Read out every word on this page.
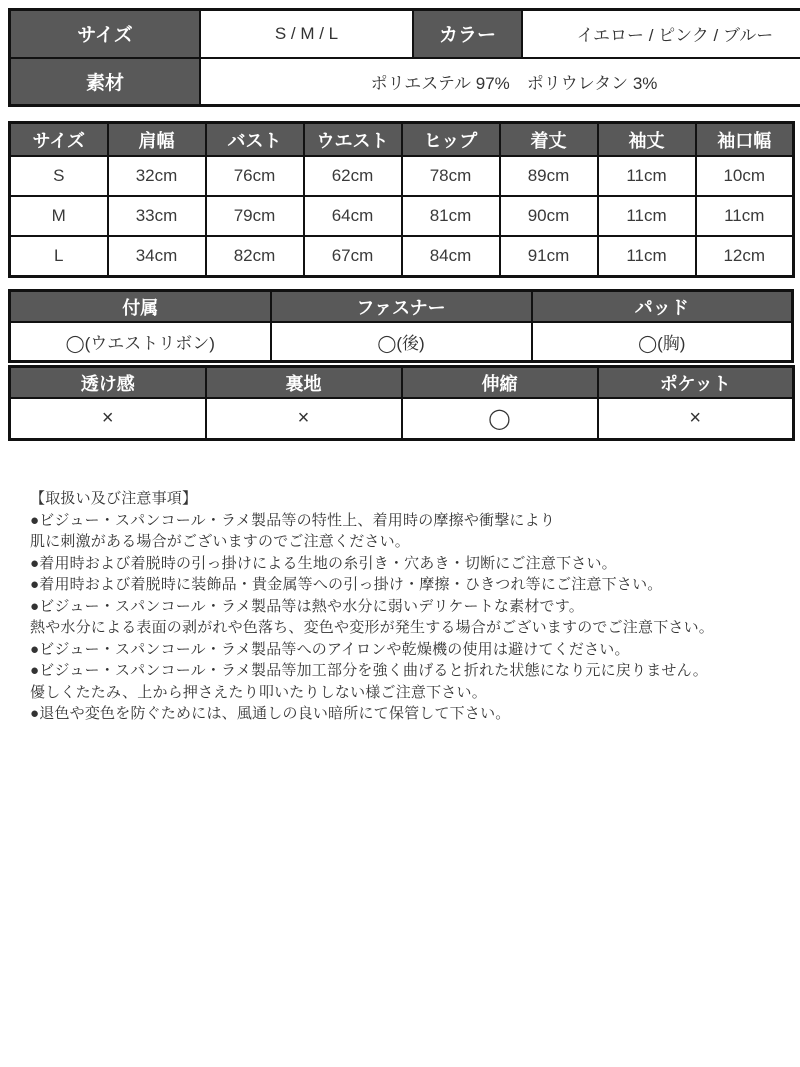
サイズ	S / M / L	カラー	イエロー / ピンク / ブルー
素材	ポリエステル 97%　ポリウレタン 3%		
サイズ	肩幅	バスト	ウエスト	ヒップ	着丈	袖丈	袖口幅
S	32cm	76cm	62cm	78cm	89cm	11cm	10cm
M	33cm	79cm	64cm	81cm	90cm	11cm	11cm
L	34cm	82cm	67cm	84cm	91cm	11cm	12cm
付属	ファスナー	パッド
◯(ウエストリボン)	◯(後)	◯(胸)
透け感	裏地	伸縮	ポケット
×	×	◯	×
【取扱い及び注意事項】
●ビジュー・スパンコール・ラメ製品等の特性上、着用時の摩擦や衝撃により
肌に刺激がある場合がございますのでご注意ください。
●着用時および着脱時の引っ掛けによる生地の糸引き・穴あき・切断にご注意下さい。
●着用時および着脱時に装飾品・貴金属等への引っ掛け・摩擦・ひきつれ等にご注意下さい。
●ビジュー・スパンコール・ラメ製品等は熱や水分に弱いデリケートな素材です。
熱や水分による表面の剥がれや色落ち、変色や変形が発生する場合がございますのでご注意下さい。
●ビジュー・スパンコール・ラメ製品等へのアイロンや乾燥機の使用は避けてください。
●ビジュー・スパンコール・ラメ製品等加工部分を強く曲げると折れた状態になり元に戻りません。
優しくたたみ、上から押さえたり叩いたりしない様ご注意下さい。
●退色や変色を防ぐためには、風通しの良い暗所にて保管して下さい。
